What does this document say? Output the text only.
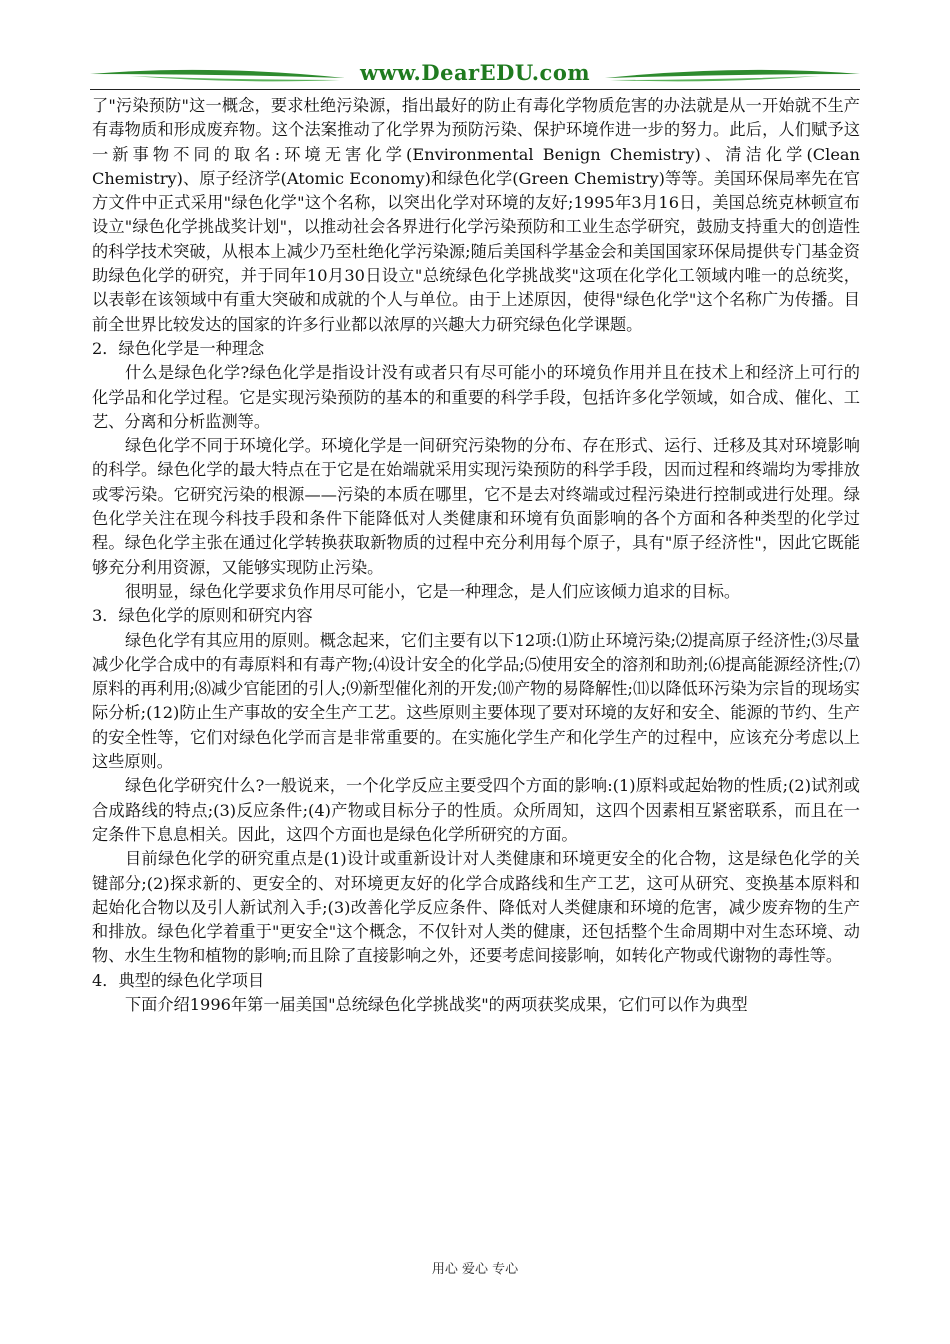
www.DearEDU.com

了"污染预防"这一概念，要求杜绝污染源，指出最好的防止有毒化学物质危害的办法就是从一开始就不生产有毒物质和形成废弃物。这个法案推动了化学界为预防污染、保护环境作进一步的努力。此后，人们赋予这一新事物不同的取名:环境无害化学(Environmental Benign Chemistry)、清洁化学(Clean Chemistry)、原子经济学(Atomic Economy)和绿色化学(Green Chemistry)等等。美国环保局率先在官方文件中正式采用"绿色化学"这个名称，以突出化学对环境的友好;1995年3月16日，美国总统克林顿宣布设立"绿色化学挑战奖计划"，以推动社会各界进行化学污染预防和工业生态学研究，鼓励支持重大的创造性的科学技术突破，从根本上减少乃至杜绝化学污染源;随后美国科学基金会和美国国家环保局提供专门基金资助绿色化学的研究，并于同年10月30日设立"总统绿色化学挑战奖"这项在化学化工领域内唯一的总统奖，以表彰在该领域中有重大突破和成就的个人与单位。由于上述原因，使得"绿色化学"这个名称广为传播。目前全世界比较发达的国家的许多行业都以浓厚的兴趣大力研究绿色化学课题。

2．绿色化学是一种理念

什么是绿色化学?绿色化学是指设计没有或者只有尽可能小的环境负作用并且在技术上和经济上可行的化学品和化学过程。它是实现污染预防的基本的和重要的科学手段，包括许多化学领域，如合成、催化、工艺、分离和分析监测等。

绿色化学不同于环境化学。环境化学是一间研究污染物的分布、存在形式、运行、迁移及其对环境影响的科学。绿色化学的最大特点在于它是在始端就采用实现污染预防的科学手段，因而过程和终端均为零排放或零污染。它研究污染的根源——污染的本质在哪里，它不是去对终端或过程污染进行控制或进行处理。绿色化学关注在现今科技手段和条件下能降低对人类健康和环境有负面影响的各个方面和各种类型的化学过程。绿色化学主张在通过化学转换获取新物质的过程中充分利用每个原子，具有"原子经济性"，因此它既能够充分利用资源，又能够实现防止污染。

很明显，绿色化学要求负作用尽可能小，它是一种理念，是人们应该倾力追求的目标。

3．绿色化学的原则和研究内容

绿色化学有其应用的原则。概念起来，它们主要有以下12项:⑴防止环境污染;⑵提高原子经济性;⑶尽量减少化学合成中的有毒原料和有毒产物;⑷设计安全的化学品;⑸使用安全的溶剂和助剂;⑹提高能源经济性;⑺原料的再利用;⑻减少官能团的引人;⑼新型催化剂的开发;⑽产物的易降解性;⑾以降低环污染为宗旨的现场实际分析;(12)防止生产事故的安全生产工艺。这些原则主要体现了要对环境的友好和安全、能源的节约、生产的安全性等，它们对绿色化学而言是非常重要的。在实施化学生产和化学生产的过程中，应该充分考虑以上这些原则。

绿色化学研究什么?一般说来，一个化学反应主要受四个方面的影响:(1)原料或起始物的性质;(2)试剂或合成路线的特点;(3)反应条件;(4)产物或目标分子的性质。众所周知，这四个因素相互紧密联系，而且在一定条件下息息相关。因此，这四个方面也是绿色化学所研究的方面。

目前绿色化学的研究重点是(1)设计或重新设计对人类健康和环境更安全的化合物，这是绿色化学的关键部分;(2)探求新的、更安全的、对环境更友好的化学合成路线和生产工艺，这可从研究、变换基本原料和起始化合物以及引人新试剂入手;(3)改善化学反应条件、降低对人类健康和环境的危害，减少废弃物的生产和排放。绿色化学着重于"更安全"这个概念，不仅针对人类的健康，还包括整个生命周期中对生态环境、动物、水生生物和植物的影响;而且除了直接影响之外，还要考虑间接影响，如转化产物或代谢物的毒性等。

4．典型的绿色化学项目

下面介绍1996年第一届美国"总统绿色化学挑战奖"的两项获奖成果，它们可以作为典型

用心 爱心 专心
